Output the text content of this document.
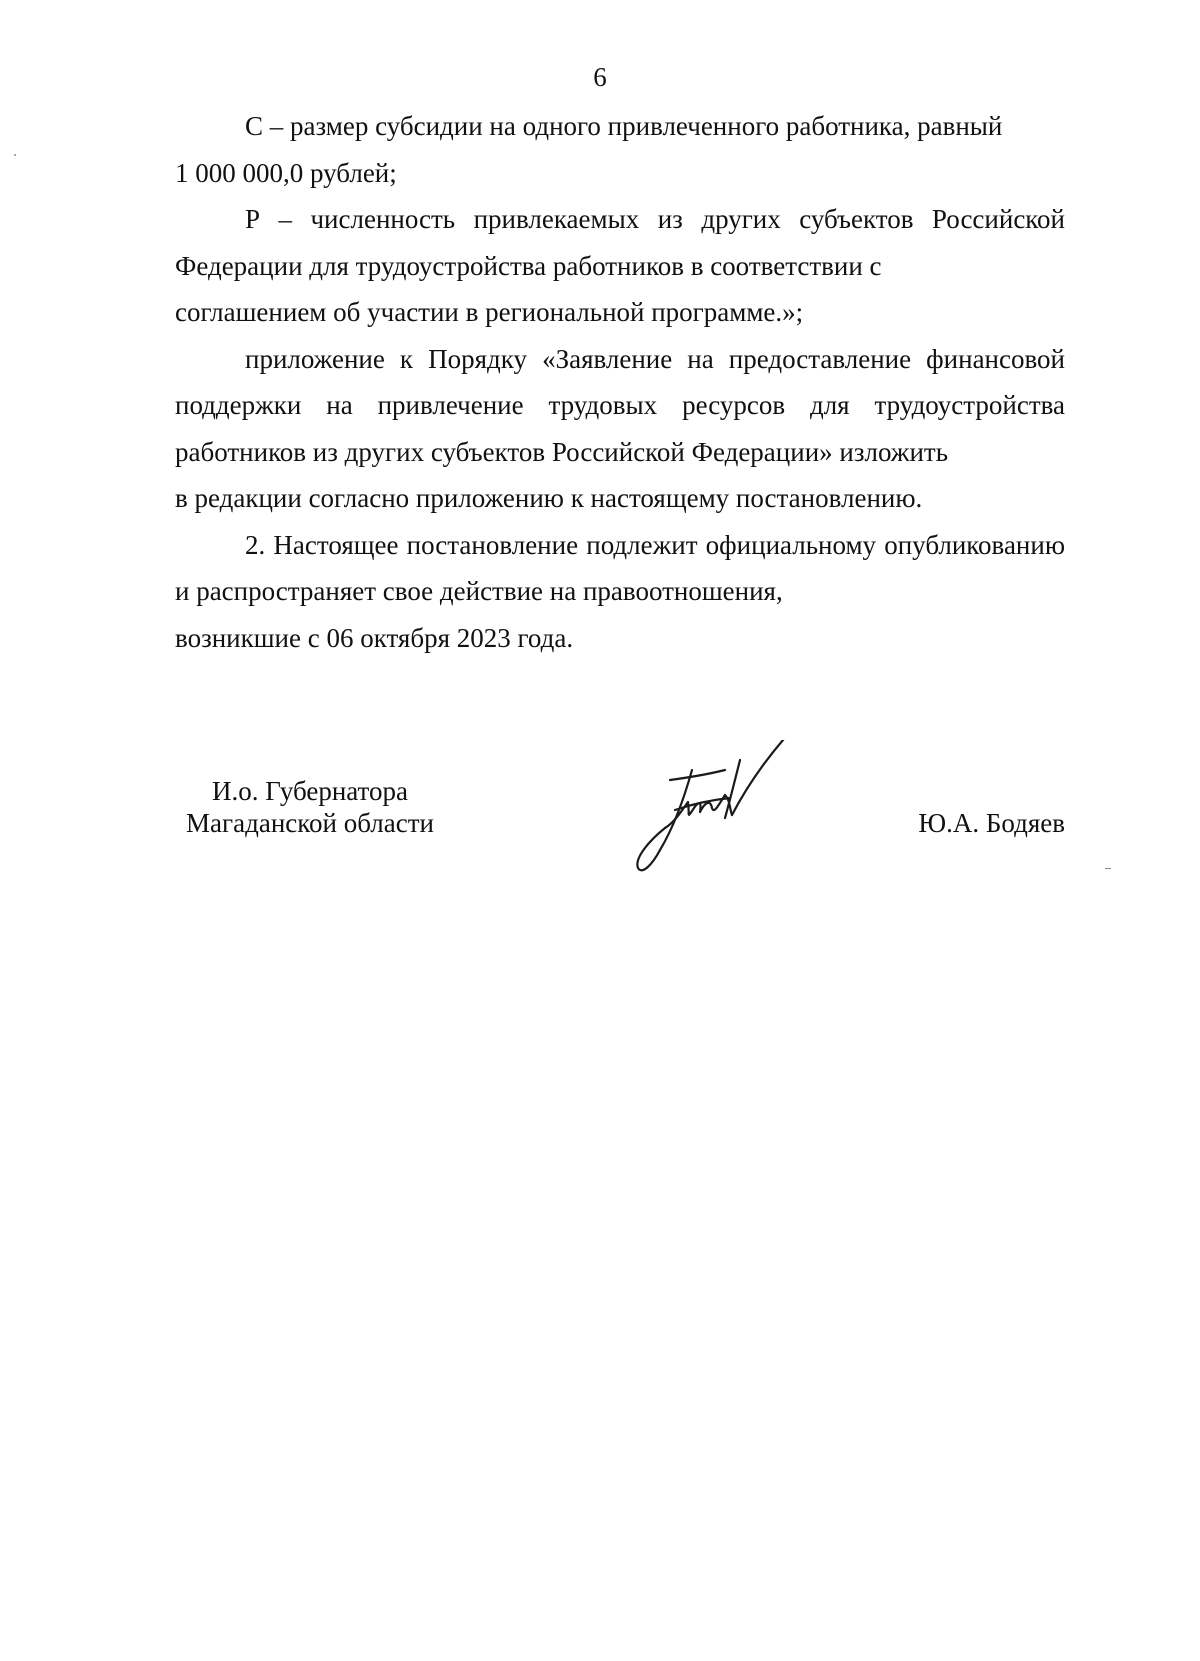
6

С – размер субсидии на одного привлеченного работника, равный
1 000 000,0 рублей;

Р – численность привлекаемых из других субъектов Российской Федерации для трудоустройства работников в соответствии с
соглашением об участии в региональной программе.»;

приложение к Порядку «Заявление на предоставление финансовой поддержки на привлечение трудовых ресурсов для трудоустройства работников из других субъектов Российской Федерации» изложить
в редакции согласно приложению к настоящему постановлению.

2. Настоящее постановление подлежит официальному опубликованию и распространяет свое действие на правоотношения,
возникшие с 06 октября 2023 года.

И.о. Губернатора
Магаданской области	Ю.А. Бодяев
